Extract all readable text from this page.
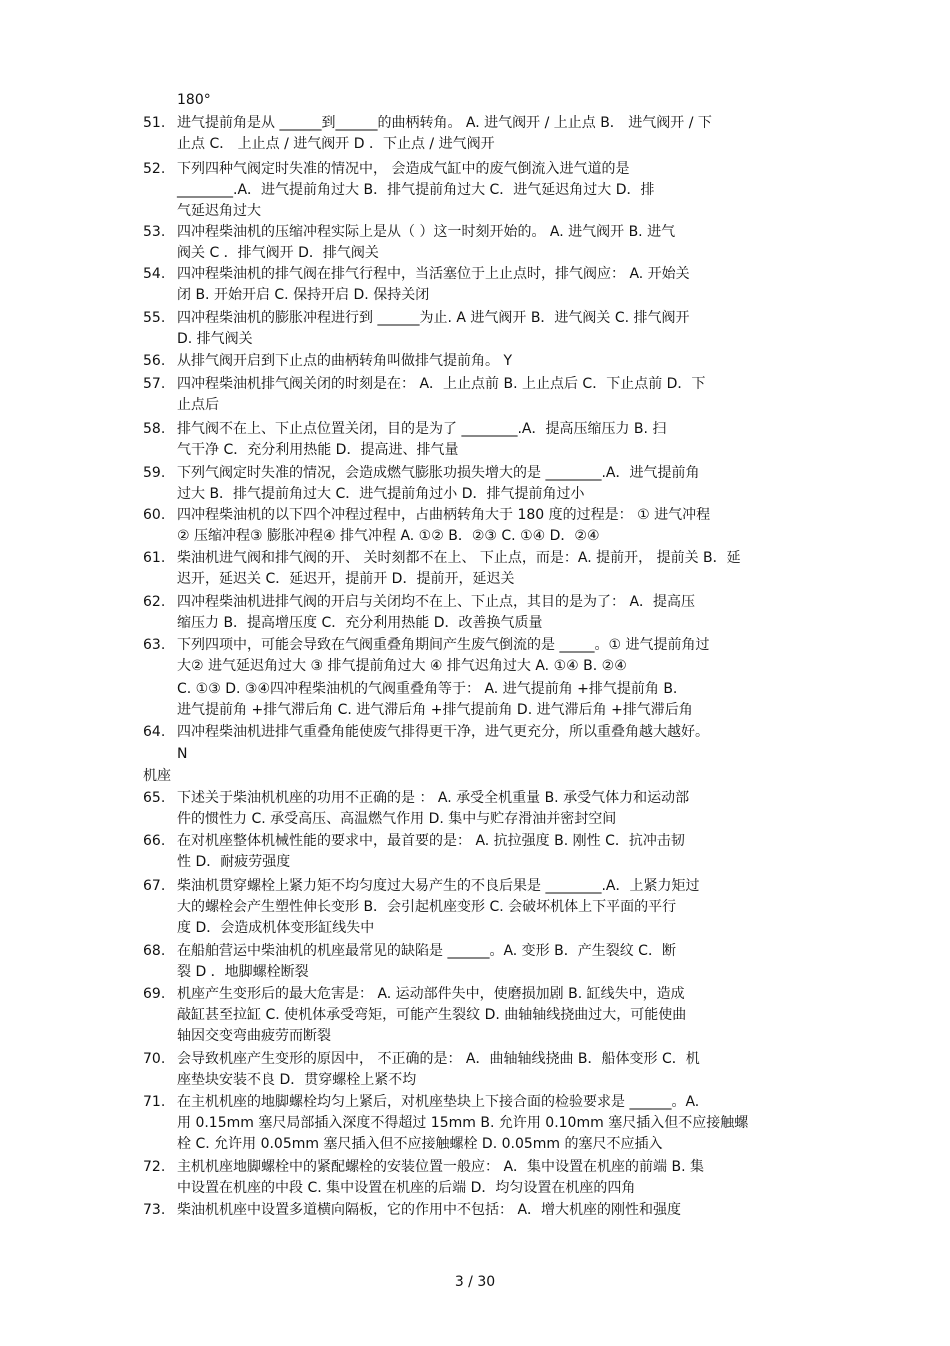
180°
51. 进气提前角是从 ______到______的曲柄转角。 A. 进气阀开 / 上止点 B． 进气阀开 / 下
止点 C． 上止点 / 进气阀开 D ．下止点 / 进气阀开
52. 下列四种气阀定时失准的情况中， 会造成气缸中的废气倒流入进气道的是
________.A．进气提前角过大 B．排气提前角过大 C．进气延迟角过大 D．排
气延迟角过大
53. 四冲程柴油机的压缩冲程实际上是从（ ）这一时刻开始的。 A. 进气阀开 B. 进气
阀关 C ．排气阀开 D．排气阀关
54. 四冲程柴油机的排气阀在排气行程中，当活塞位于上止点时，排气阀应： A. 开始关
闭 B. 开始开启 C. 保持开启 D. 保持关闭
55. 四冲程柴油机的膨胀冲程进行到 ______为止. A 进气阀开 B．进气阀关 C. 排气阀开
D. 排气阀关
56. 从排气阀开启到下止点的曲柄转角叫做排气提前角。 Y
57. 四冲程柴油机排气阀关闭的时刻是在： A．上止点前 B. 上止点后 C．下止点前 D．下
止点后
58. 排气阀不在上、下止点位置关闭，目的是为了 ________.A．提高压缩压力 B. 扫
气干净 C．充分利用热能 D．提高进、排气量
59. 下列气阀定时失准的情况，会造成燃气膨胀功损失增大的是 ________.A．进气提前角
过大 B．排气提前角过大 C．进气提前角过小 D．排气提前角过小
60. 四冲程柴油机的以下四个冲程过程中，占曲柄转角大于 180 度的过程是： ① 进气冲程
② 压缩冲程③ 膨胀冲程④ 排气冲程 A. ①② B．②③ C. ①④ D．②④
61. 柴油机进气阀和排气阀的开、 关时刻都不在上、 下止点，而是：A. 提前开， 提前关 B．延
迟开，延迟关 C．延迟开，提前开 D．提前开，延迟关
62. 四冲程柴油机进排气阀的开启与关闭均不在上、下止点，其目的是为了： A．提高压
缩压力 B．提高增压度 C．充分利用热能 D．改善换气质量
63. 下列四项中，可能会导致在气阀重叠角期间产生废气倒流的是 _____。① 进气提前角过
大② 进气延迟角过大 ③ 排气提前角过大 ④ 排气迟角过大 A. ①④ B. ②④
C. ①③ D. ③④四冲程柴油机的气阀重叠角等于： A. 进气提前角 +排气提前角 B.
进气提前角 +排气滞后角 C. 进气滞后角 +排气提前角 D. 进气滞后角 +排气滞后角
64. 四冲程柴油机进排气重叠角能使废气排得更干净，进气更充分，所以重叠角越大越好。
N
65. 下述关于柴油机机座的功用不正确的是 ： A. 承受全机重量 B. 承受气体力和运动部
件的惯性力 C. 承受高压、高温燃气作用 D. 集中与贮存滑油并密封空间
66. 在对机座整体机械性能的要求中，最首要的是： A. 抗拉强度 B. 刚性 C．抗冲击韧
性 D．耐疲劳强度
67. 柴油机贯穿螺栓上紧力矩不均匀度过大易产生的不良后果是 ________.A．上紧力矩过
大的螺栓会产生塑性伸长变形 B．会引起机座变形 C. 会破坏机体上下平面的平行
度 D．会造成机体变形缸线失中
68. 在船舶营运中柴油机的机座最常见的缺陷是 ______。A. 变形 B．产生裂纹 C．断
裂 D ．地脚螺栓断裂
69. 机座产生变形后的最大危害是： A. 运动部件失中，使磨损加剧 B. 缸线失中，造成
敲缸甚至拉缸 C. 使机体承受弯矩，可能产生裂纹 D. 曲轴轴线挠曲过大，可能使曲
轴因交变弯曲疲劳而断裂
70. 会导致机座产生变形的原因中， 不正确的是： A．曲轴轴线挠曲 B．船体变形 C．机
座垫块安装不良 D．贯穿螺栓上紧不均
71. 在主机机座的地脚螺栓均匀上紧后，对机座垫块上下接合面的检验要求是 ______。A.
用 0.15mm 塞尺局部插入深度不得超过 15mm B. 允许用 0.10mm 塞尺插入但不应接触螺
栓 C. 允许用 0.05mm 塞尺插入但不应接触螺栓 D. 0.05mm 的塞尺不应插入
72. 主机机座地脚螺栓中的紧配螺栓的安装位置一般应： A．集中设置在机座的前端 B. 集
中设置在机座的中段 C. 集中设置在机座的后端 D．均匀设置在机座的四角
73. 柴油机机座中设置多道横向隔板，它的作用中不包括： A．增大机座的刚性和强度
机座
3 / 30
